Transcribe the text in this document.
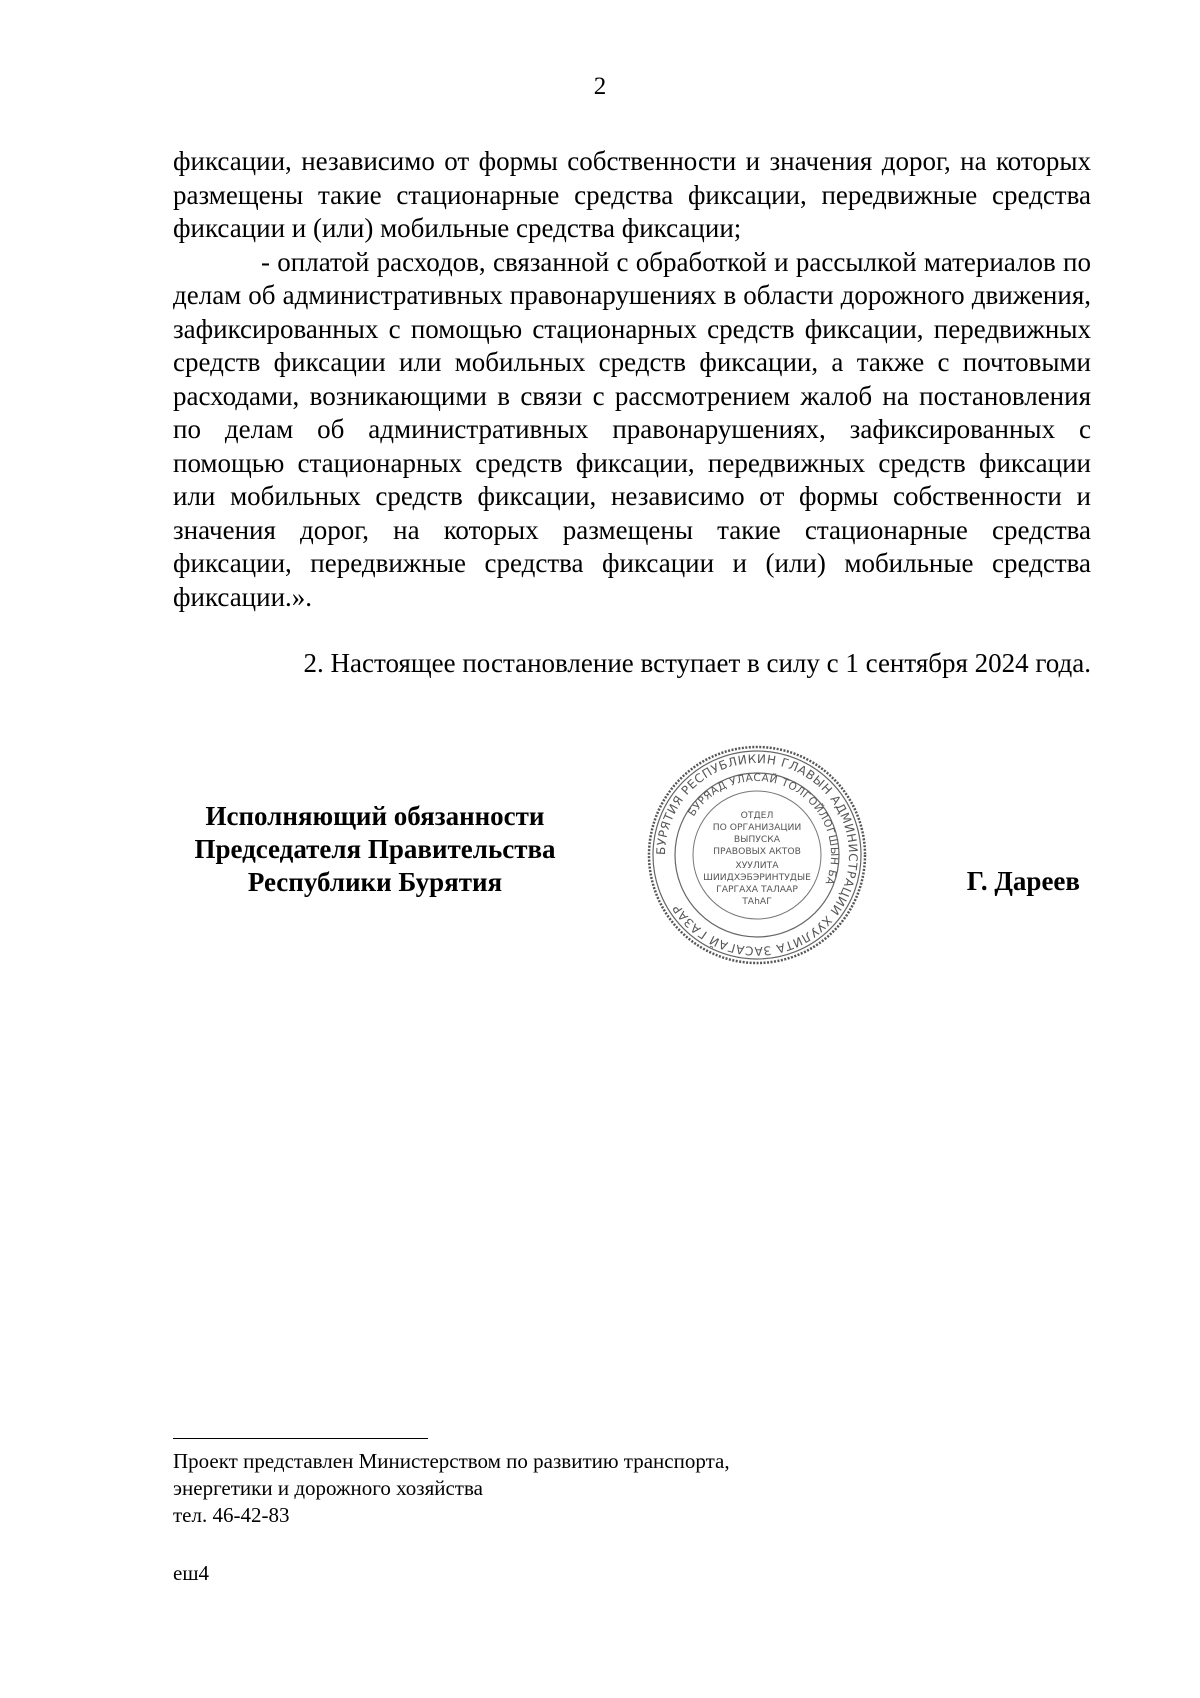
2

фиксации, независимо от формы собственности и значения дорог, на которых размещены такие стационарные средства фиксации, передвижные средства фиксации и (или) мобильные средства фиксации;

- оплатой расходов, связанной с обработкой и рассылкой материалов по делам об административных правонарушениях в области дорожного движения, зафиксированных с помощью стационарных средств фиксации, передвижных средств фиксации или мобильных средств фиксации, а также с почтовыми расходами, возникающими в связи с рассмотрением жалоб на постановления по делам об административных правонарушениях, зафиксированных с помощью стационарных средств фиксации, передвижных средств фиксации или мобильных средств фиксации, независимо от формы собственности и значения дорог, на которых размещены такие стационарные средства фиксации, передвижные средства фиксации и (или) мобильные средства фиксации.».

2. Настоящее постановление вступает в силу с 1 сентября 2024 года.

Исполняющий обязанности
Председателя Правительства
Республики Бурятия
БУРЯТИЯ РЕСПУБЛИКИН ГЛАВЫН АДМИНИСТРАЦИИ ХУУЛИТА ЗАСАГАЙ ГАЗАР
БУРЯАД УЛАСАЙ ТОЛГОЙЛОГШЫН БА
ОТДЕЛ
ПО ОРГАНИЗАЦИИ
ВЫПУСКА
ПРАВОВЫХ АКТОВ
ХУУЛИТА
ШИИДХЭБЭРИНТУДЫЕ
ГАРГАХА ТАЛААР
ТАһАГ
Г. Дареев
Проект представлен Министерством по развитию транспорта,
энергетики и дорожного хозяйства
тел. 46-42-83
еш4
